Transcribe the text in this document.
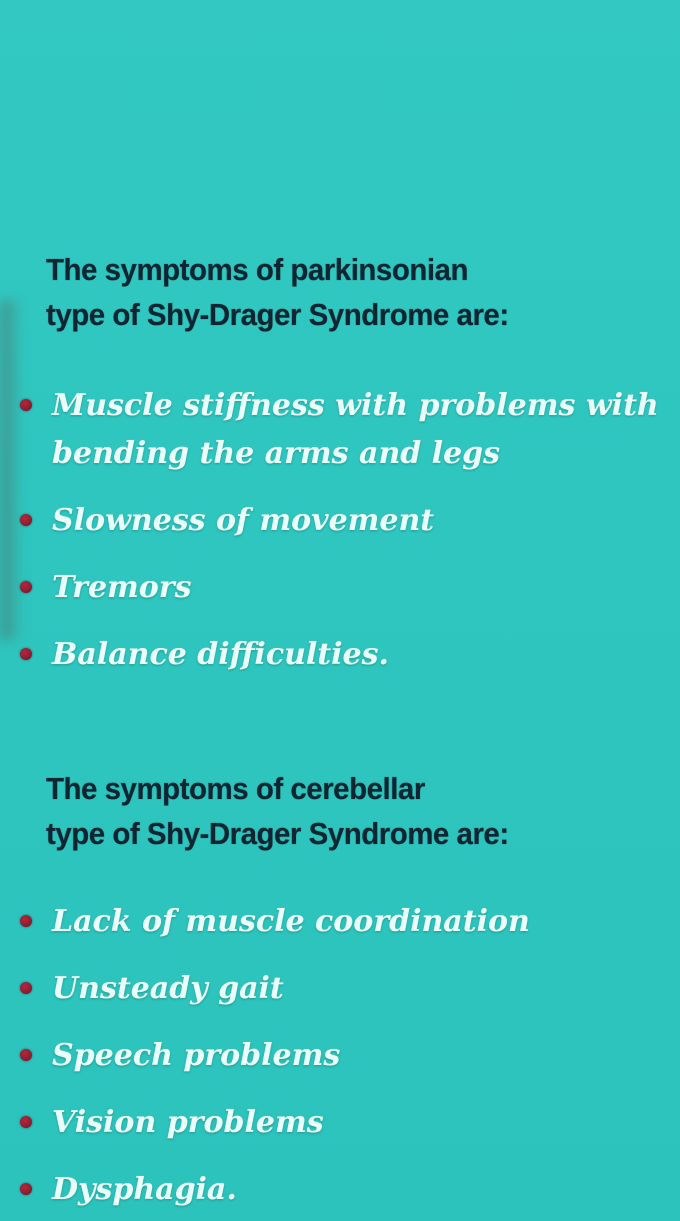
The symptoms of parkinsonian
type of Shy-Drager Syndrome are:
Muscle stiffness with problems with bending the arms and legs
Slowness of movement
Tremors
Balance difficulties.
The symptoms of cerebellar
type of Shy-Drager Syndrome are:
Lack of muscle coordination
Unsteady gait
Speech problems
Vision problems
Dysphagia.
